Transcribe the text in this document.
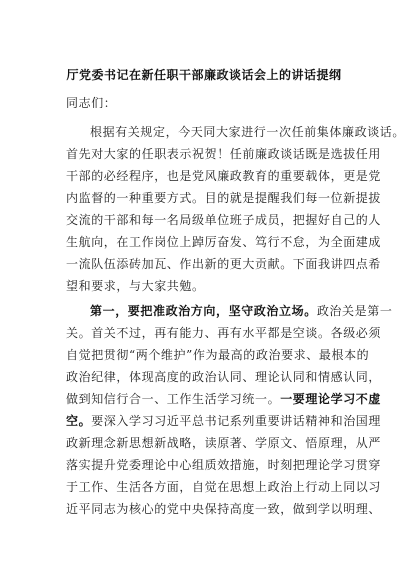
厅党委书记在新任职干部廉政谈话会上的讲话提纲
同志们：
根据有关规定，今天同大家进行一次任前集体廉政谈话。
首先对大家的任职表示祝贺！任前廉政谈话既是选拔任用
干部的必经程序，也是党风廉政教育的重要载体，更是党
内监督的一种重要方式。目的就是提醒我们每一位新提拔
交流的干部和每一名局级单位班子成员，把握好自己的人
生航向，在工作岗位上踔厉奋发、笃行不怠，为全面建成
一流队伍添砖加瓦、作出新的更大贡献。下面我讲四点希
望和要求，与大家共勉。
第一，要把准政治方向，坚守政治立场。政治关是第一
关。首关不过，再有能力、再有水平都是空谈。各级必须
自觉把贯彻“两个维护”作为最高的政治要求、最根本的
政治纪律，体现高度的政治认同、理论认同和情感认同，
做到知信行合一、工作生活学习统一。一要理论学习不虚
空。要深入学习习近平总书记系列重要讲话精神和治国理
政新理念新思想新战略，读原著、学原文、悟原理，从严
落实提升党委理论中心组质效措施，时刻把理论学习贯穿
于工作、生活各方面，自觉在思想上政治上行动上同以习
近平同志为核心的党中央保持高度一致，做到学以明理、
